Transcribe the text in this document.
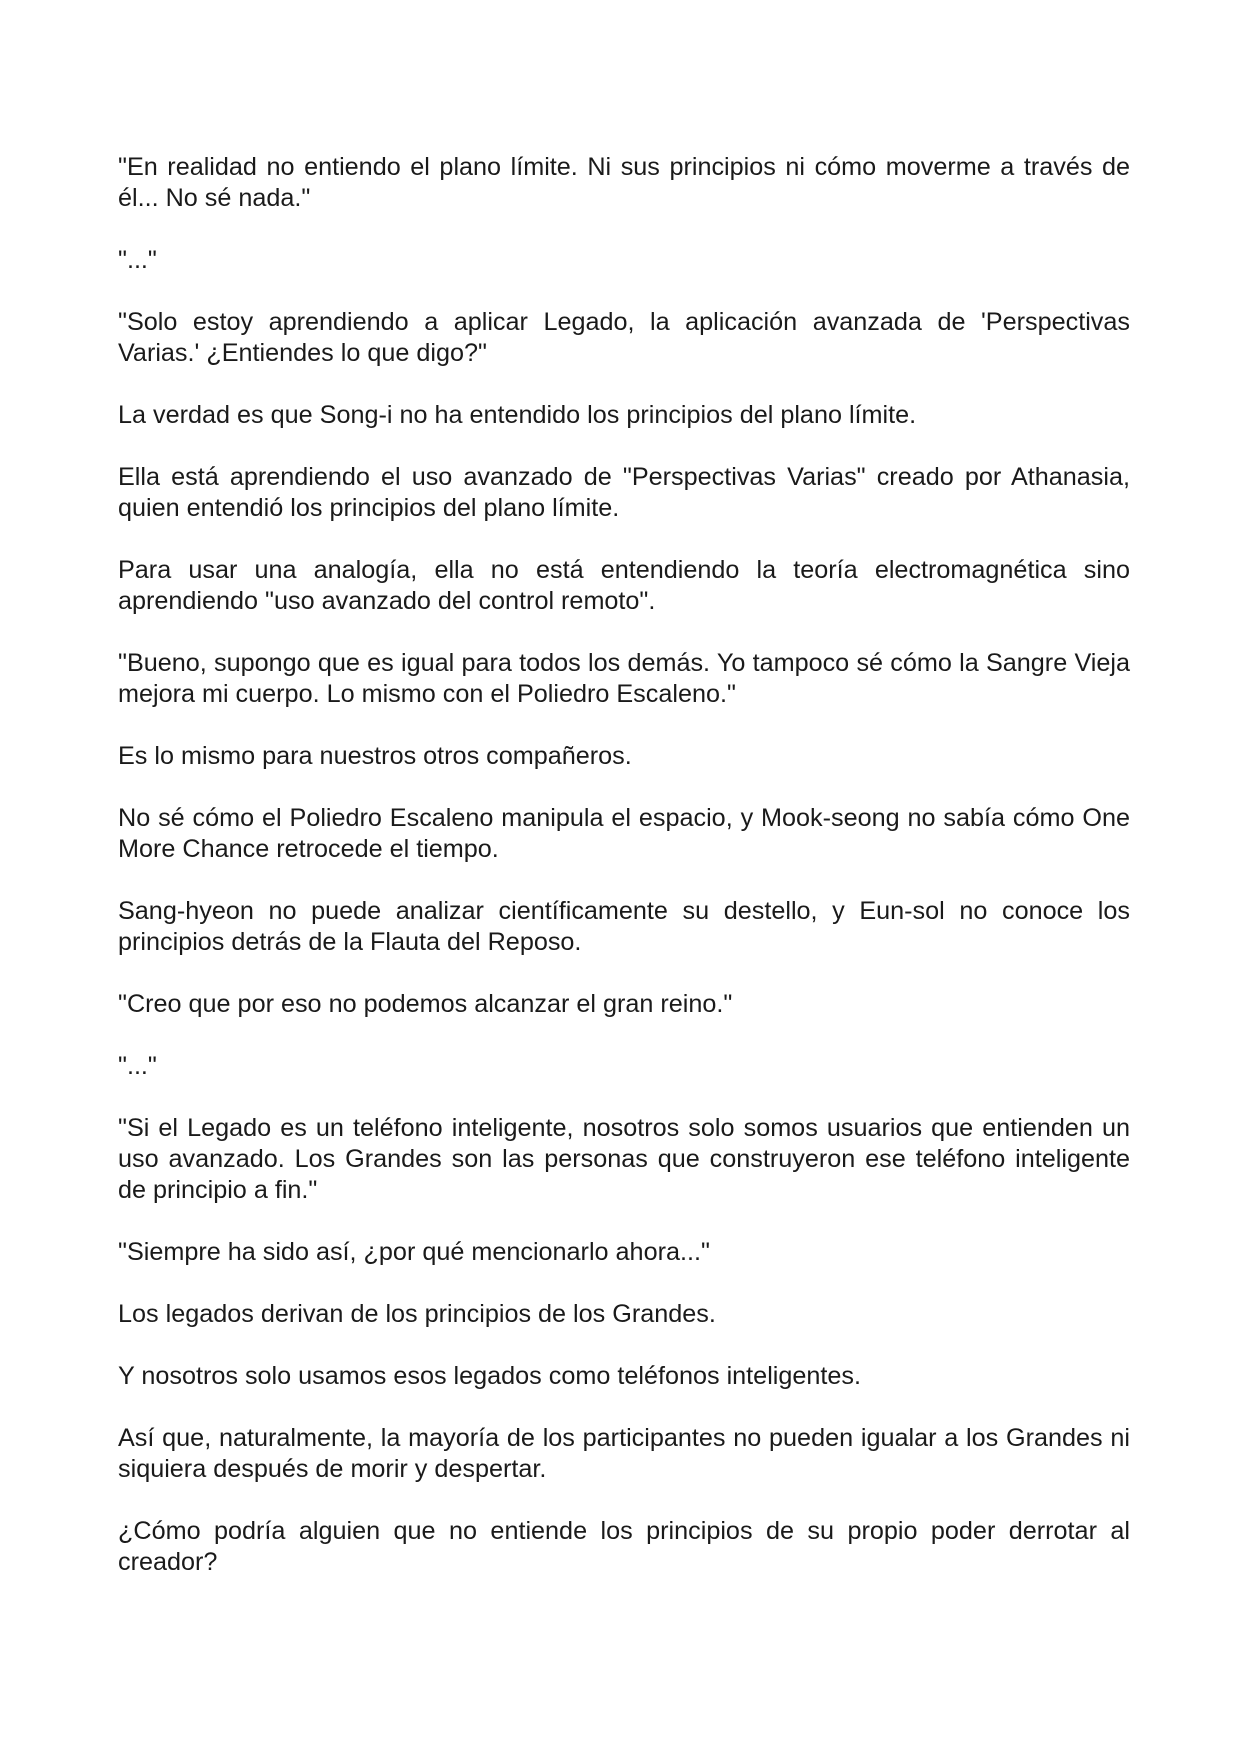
"En realidad no entiendo el plano límite. Ni sus principios ni cómo moverme a través de él... No sé nada."

"..."

"Solo estoy aprendiendo a aplicar Legado, la aplicación avanzada de 'Perspectivas Varias.' ¿Entiendes lo que digo?"

La verdad es que Song-i no ha entendido los principios del plano límite.

Ella está aprendiendo el uso avanzado de "Perspectivas Varias" creado por Athanasia, quien entendió los principios del plano límite.

Para usar una analogía, ella no está entendiendo la teoría electromagnética sino aprendiendo "uso avanzado del control remoto".

"Bueno, supongo que es igual para todos los demás. Yo tampoco sé cómo la Sangre Vieja mejora mi cuerpo. Lo mismo con el Poliedro Escaleno."

Es lo mismo para nuestros otros compañeros.

No sé cómo el Poliedro Escaleno manipula el espacio, y Mook-seong no sabía cómo One More Chance retrocede el tiempo.

Sang-hyeon no puede analizar científicamente su destello, y Eun-sol no conoce los principios detrás de la Flauta del Reposo.

"Creo que por eso no podemos alcanzar el gran reino."

"..."

"Si el Legado es un teléfono inteligente, nosotros solo somos usuarios que entienden un uso avanzado. Los Grandes son las personas que construyeron ese teléfono inteligente de principio a fin."

"Siempre ha sido así, ¿por qué mencionarlo ahora..."

Los legados derivan de los principios de los Grandes.

Y nosotros solo usamos esos legados como teléfonos inteligentes.

Así que, naturalmente, la mayoría de los participantes no pueden igualar a los Grandes ni siquiera después de morir y despertar.

¿Cómo podría alguien que no entiende los principios de su propio poder derrotar al creador?
